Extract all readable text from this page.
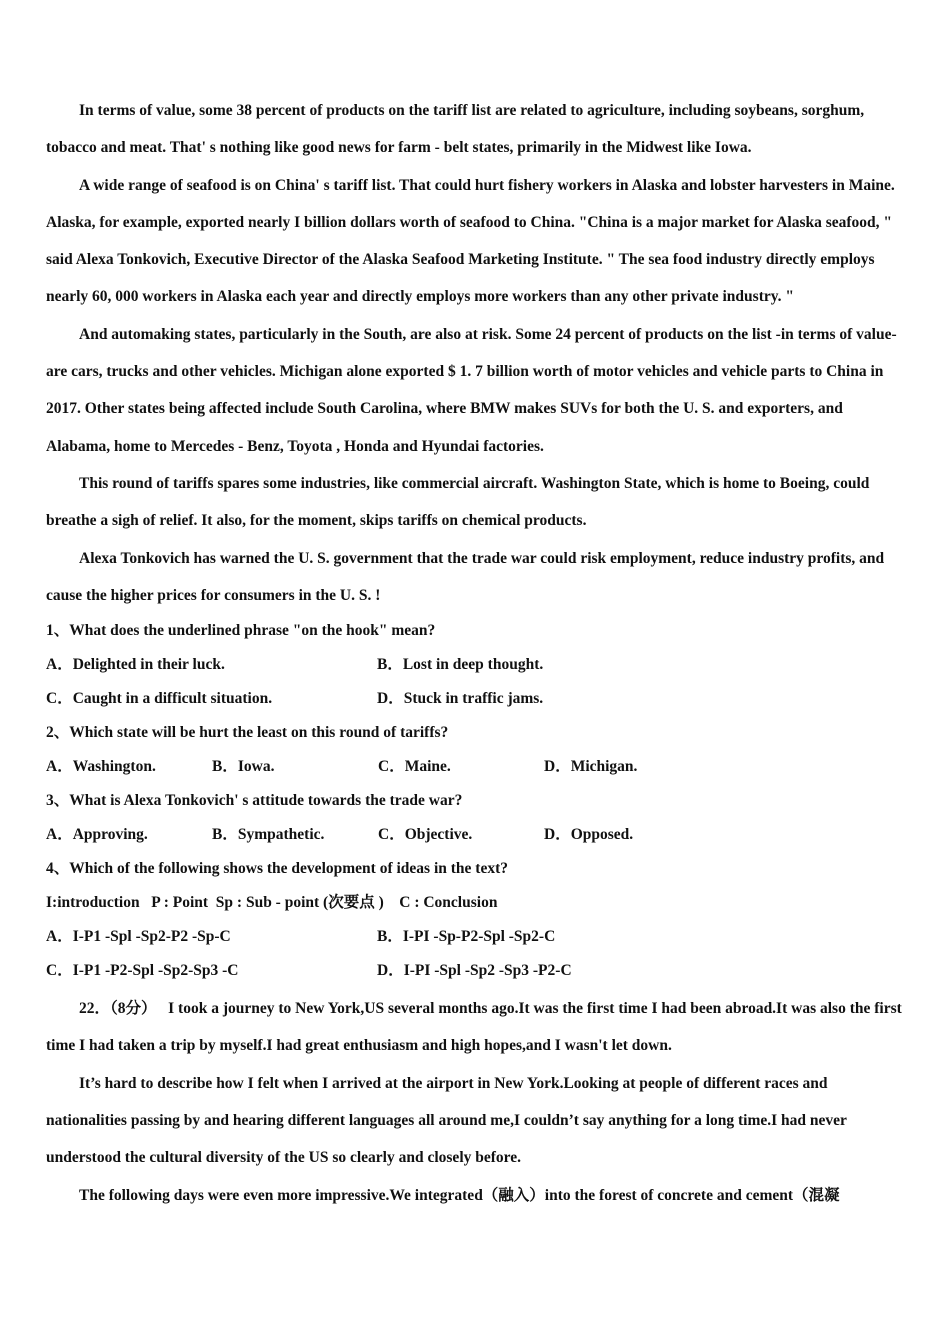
In terms of value, some 38 percent of products on the tariff list are related to agriculture, including soybeans, sorghum, tobacco and meat. That' s nothing like good news for farm - belt states, primarily in the Midwest like Iowa.

A wide range of seafood is on China' s tariff list. That could hurt fishery workers in Alaska and lobster harvesters in Maine. Alaska, for example, exported nearly I billion dollars worth of seafood to China. "China is a major market for Alaska seafood, " said Alexa Tonkovich, Executive Director of the Alaska Seafood Marketing Institute. " The sea food industry directly employs nearly 60, 000 workers in Alaska each year and directly employs more workers than any other private industry. "

And automaking states, particularly in the South, are also at risk. Some 24 percent of products on the list -in terms of value-are cars, trucks and other vehicles. Michigan alone exported $ 1. 7 billion worth of motor vehicles and vehicle parts to China in 2017. Other states being affected include South Carolina, where BMW makes SUVs for both the U. S. and exporters, and Alabama, home to Mercedes - Benz, Toyota , Honda and Hyundai factories.

This round of tariffs spares some industries, like commercial aircraft. Washington State, which is home to Boeing, could breathe a sigh of relief. It also, for the moment, skips tariffs on chemical products.

Alexa Tonkovich has warned the U. S. government that the trade war could risk employment, reduce industry profits, and cause the higher prices for consumers in the U. S. !

1、What does the underlined phrase "on the hook" mean?

A．Delighted in their luck.	B．Lost in deep thought.
C．Caught in a difficult situation.	D．Stuck in traffic jams.

2、Which state will be hurt the least on this round of tariffs?

A．Washington.	B．Iowa.	C．Maine.	D．Michigan.

3、What is Alexa Tonkovich' s attitude towards the trade war?

A．Approving.	B．Sympathetic.	C．Objective.	D．Opposed.

4、Which of the following shows the development of ideas in the text?

I:introduction   P : Point  Sp : Sub - point (次要点 )    C : Conclusion

A．I-P1 -Spl -Sp2-P2 -Sp-C	B．I-PI -Sp-P2-Spl -Sp2-C
C．I-P1 -P2-Spl -Sp2-Sp3 -C	D．I-PI -Spl -Sp2 -Sp3 -P2-C

22．（8分）   I took a journey to New York,US several months ago.It was the first time I had been abroad.It was also the first time I had taken a trip by myself.I had great enthusiasm and high hopes,and I wasn't let down.

It’s hard to describe how I felt when I arrived at the airport in New York.Looking at people of different races and nationalities passing by and hearing different languages all around me,I couldn’t say anything for a long time.I had never understood the cultural diversity of the US so clearly and closely before.

The following days were even more impressive.We integrated（融入）into the forest of concrete and cement（混凝
